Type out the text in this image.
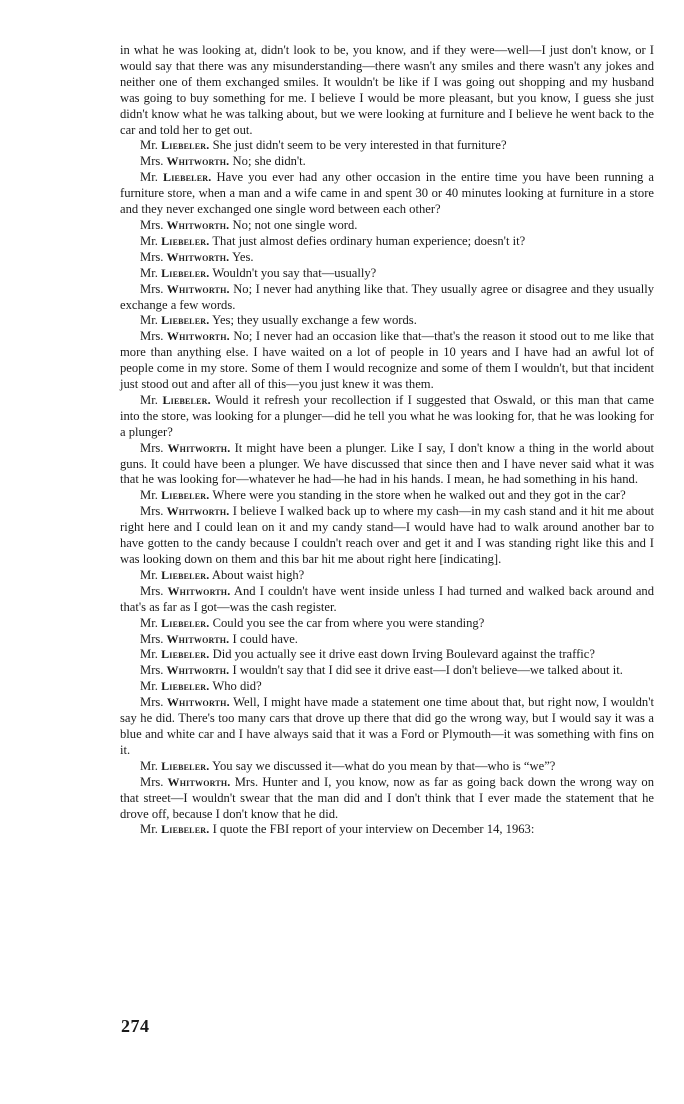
in what he was looking at, didn't look to be, you know, and if they were—well—I just don't know, or I would say that there was any misunderstanding—there wasn't any smiles and there wasn't any jokes and neither one of them exchanged smiles. It wouldn't be like if I was going out shopping and my husband was going to buy something for me. I believe I would be more pleasant, but you know, I guess she just didn't know what he was talking about, but we were looking at furniture and I believe he went back to the car and told her to get out.

Mr. Liebeler. She just didn't seem to be very interested in that furniture?

Mrs. Whitworth. No; she didn't.

Mr. Liebeler. Have you ever had any other occasion in the entire time you have been running a furniture store, when a man and a wife came in and spent 30 or 40 minutes looking at furniture in a store and they never exchanged one single word between each other?

Mrs. Whitworth. No; not one single word.

Mr. Liebeler. That just almost defies ordinary human experience; doesn't it?

Mrs. Whitworth. Yes.

Mr. Liebeler. Wouldn't you say that—usually?

Mrs. Whitworth. No; I never had anything like that. They usually agree or disagree and they usually exchange a few words.

Mr. Liebeler. Yes; they usually exchange a few words.

Mrs. Whitworth. No; I never had an occasion like that—that's the reason it stood out to me like that more than anything else. I have waited on a lot of people in 10 years and I have had an awful lot of people come in my store. Some of them I would recognize and some of them I wouldn't, but that incident just stood out and after all of this—you just knew it was them.

Mr. Liebeler. Would it refresh your recollection if I suggested that Oswald, or this man that came into the store, was looking for a plunger—did he tell you what he was looking for, that he was looking for a plunger?

Mrs. Whitworth. It might have been a plunger. Like I say, I don't know a thing in the world about guns. It could have been a plunger. We have discussed that since then and I have never said what it was that he was looking for—whatever he had—he had in his hands. I mean, he had something in his hand.

Mr. Liebeler. Where were you standing in the store when he walked out and they got in the car?

Mrs. Whitworth. I believe I walked back up to where my cash—in my cash stand and it hit me about right here and I could lean on it and my candy stand—I would have had to walk around another bar to have gotten to the candy because I couldn't reach over and get it and I was standing right like this and I was looking down on them and this bar hit me about right here [indicating].

Mr. Liebeler. About waist high?

Mrs. Whitworth. And I couldn't have went inside unless I had turned and walked back around and that's as far as I got—was the cash register.

Mr. Liebeler. Could you see the car from where you were standing?

Mrs. Whitworth. I could have.

Mr. Liebeler. Did you actually see it drive east down Irving Boulevard against the traffic?

Mrs. Whitworth. I wouldn't say that I did see it drive east—I don't believe—we talked about it.

Mr. Liebeler. Who did?

Mrs. Whitworth. Well, I might have made a statement one time about that, but right now, I wouldn't say he did. There's too many cars that drove up there that did go the wrong way, but I would say it was a blue and white car and I have always said that it was a Ford or Plymouth—it was something with fins on it.

Mr. Liebeler. You say we discussed it—what do you mean by that—who is “we”?

Mrs. Whitworth. Mrs. Hunter and I, you know, now as far as going back down the wrong way on that street—I wouldn't swear that the man did and I don't think that I ever made the statement that he drove off, because I don't know that he did.

Mr. Liebeler. I quote the FBI report of your interview on December 14, 1963:

274
